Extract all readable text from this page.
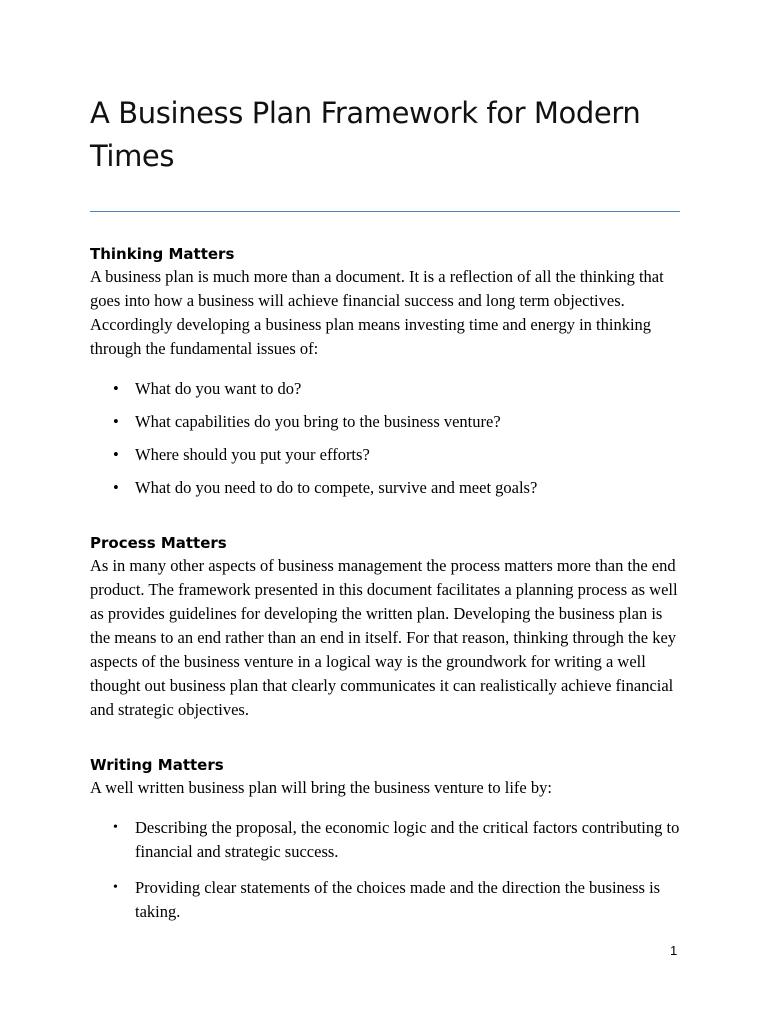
A Business Plan Framework for Modern Times
Thinking Matters

A business plan is much more than a document. It is a reflection of all the thinking that goes into how a business will achieve financial success and long term objectives. Accordingly developing a business plan means investing time and energy in thinking through the fundamental issues of:

• What do you want to do?
• What capabilities do you bring to the business venture?
• Where should you put your efforts?
• What do you need to do to compete, survive and meet goals?
Process Matters

As in many other aspects of business management the process matters more than the end product. The framework presented in this document facilitates a planning process as well as provides guidelines for developing the written plan. Developing the business plan is the means to an end rather than an end in itself. For that reason, thinking through the key aspects of the business venture in a logical way is the groundwork for writing a well thought out business plan that clearly communicates it can realistically achieve financial and strategic objectives.

Writing Matters

A well written business plan will bring the business venture to life by:

• Describing the proposal, the economic logic and the critical factors contributing to financial and strategic success.
• Providing clear statements of the choices made and the direction the business is taking.
1
